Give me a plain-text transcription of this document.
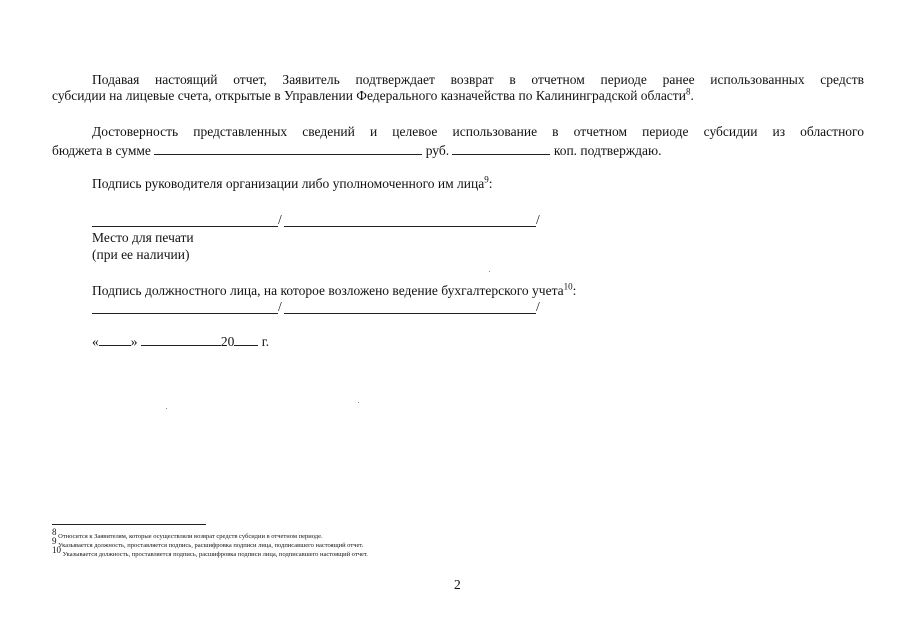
Подавая настоящий отчет, Заявитель подтверждает возврат в отчетном периоде ранее использованных средств
субсидии на лицевые счета, открытые в Управлении Федерального казначейства по Калининградской области$^8$.
Достоверность представленных сведений и целевое использование в отчетном периоде субсидии из областного
бюджета в сумме	руб.	коп. подтверждаю.
Подпись руководителя организации либо уполномоченного им лица$^9$:
/	/
Место для печати
(при ее наличии)
Подпись должностного лица, на которое возложено ведение бухгалтерского учета$^{10}$:
/	/
« »	20 г.
$^8$ Относится к Заявителям, которые осуществляли возврат средств субсидии в отчетном периоде.
$^9$ Указывается должность, проставляется подпись, расшифровка подписи лица, подписавшего настоящий отчет.
$^{10}$ Указывается должность, проставляется подпись, расшифровка подписи лица, подписавшего настоящий отчет.
2
